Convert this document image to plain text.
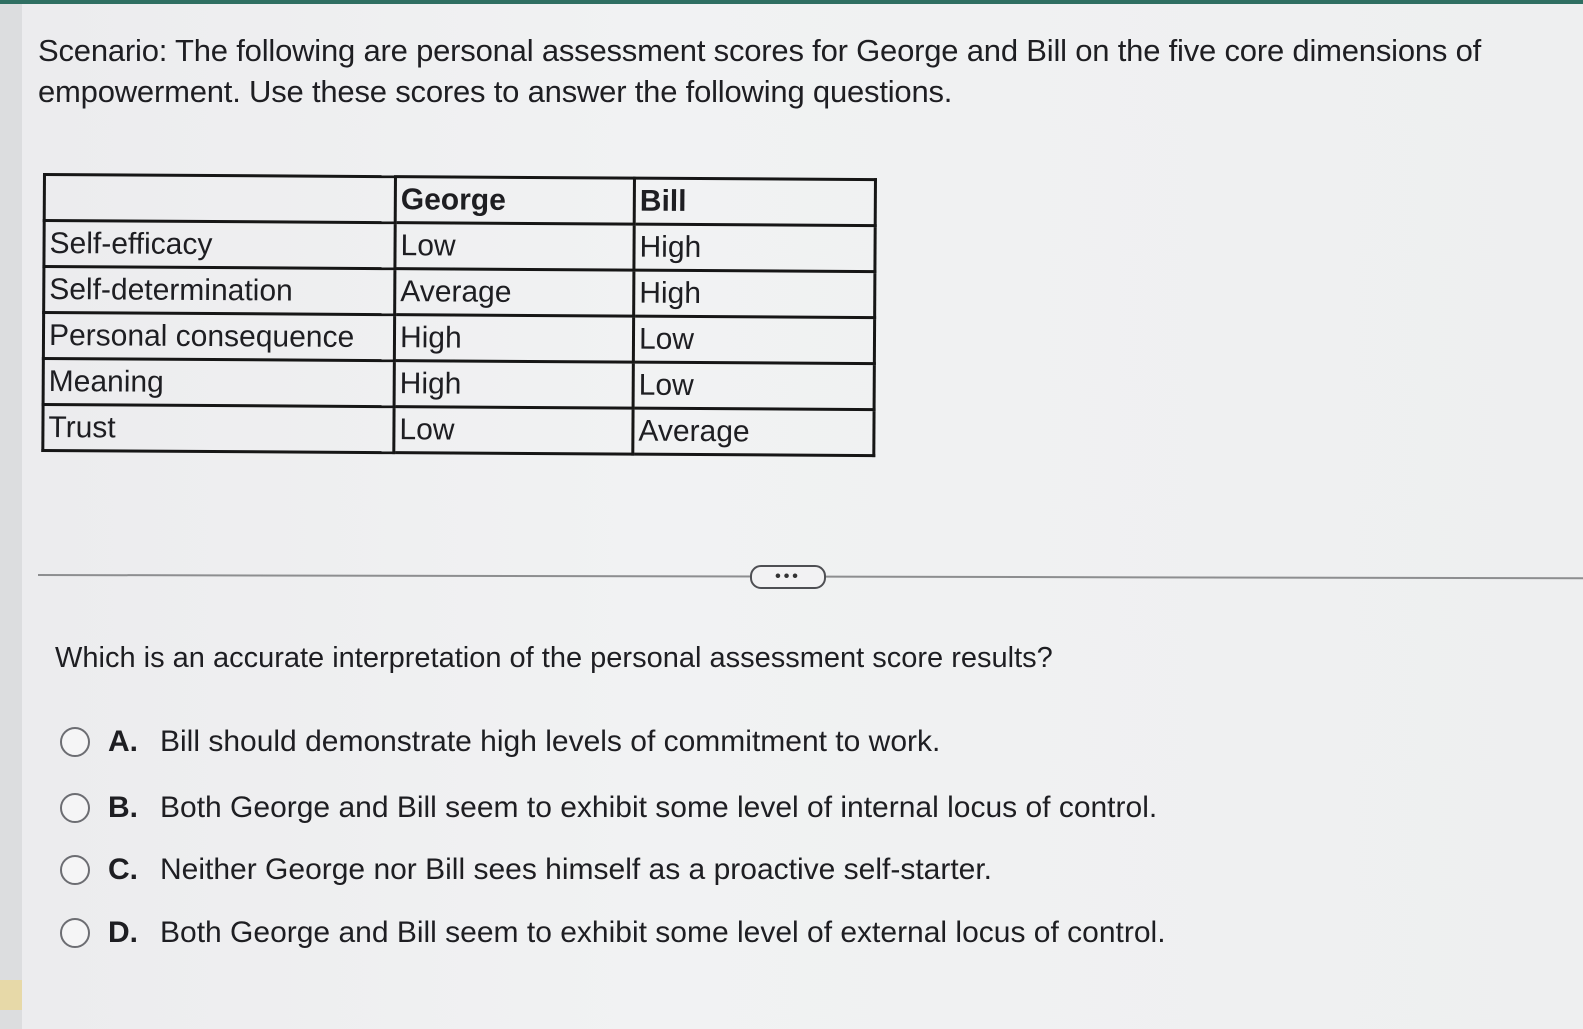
Scenario: The following are personal assessment scores for George and Bill on the five core dimensions of empowerment. Use these scores to answer the following questions.

	George	Bill
Self-efficacy	Low	High
Self-determination	Average	High
Personal consequence	High	Low
Meaning	High	Low
Trust	Low	Average
•••

Which is an accurate interpretation of the personal assessment score results?

A. Bill should demonstrate high levels of commitment to work.
B. Both George and Bill seem to exhibit some level of internal locus of control.
C. Neither George nor Bill sees himself as a proactive self-starter.
D. Both George and Bill seem to exhibit some level of external locus of control.
